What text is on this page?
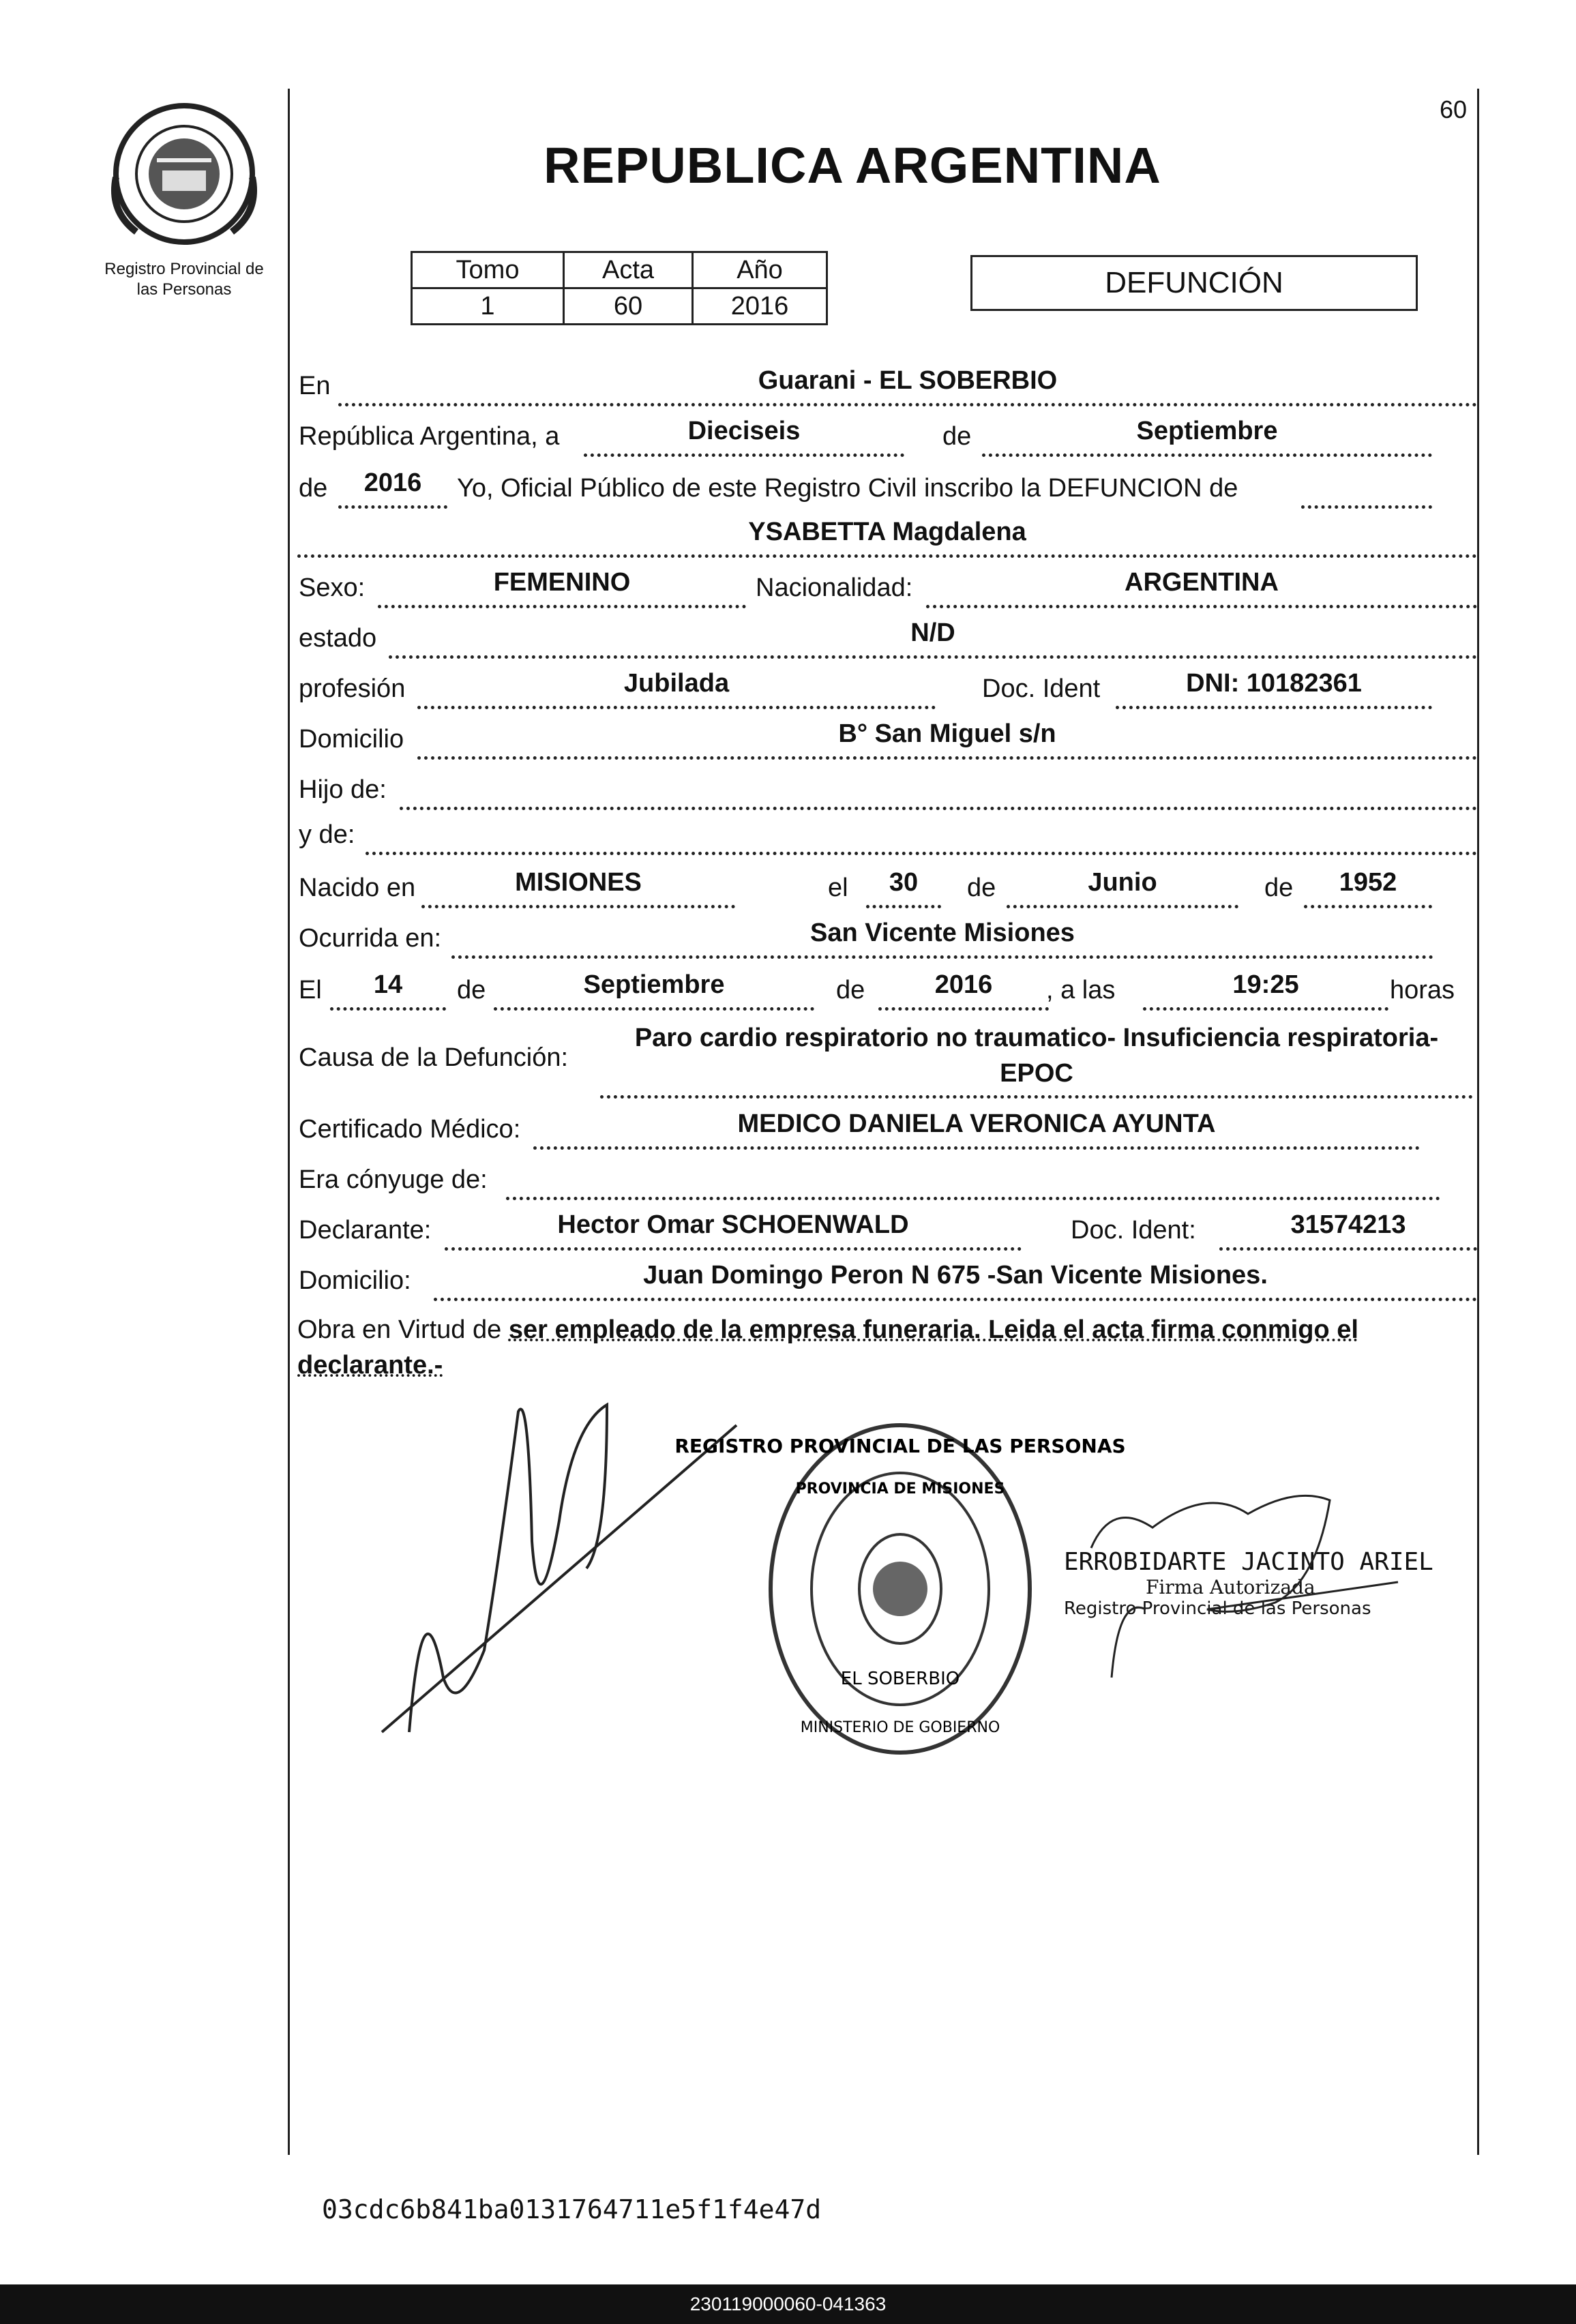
Registro Provincial de
las Personas
60
REPUBLICA ARGENTINA
Tomo	Acta	Año
1	60	2016
DEFUNCIÓN
En	Guarani - EL SOBERBIO
República Argentina, a	Dieciseis	de	Septiembre
de	2016	Yo, Oficial Público de este Registro Civil inscribo la DEFUNCION de
YSABETTA Magdalena
Sexo:	FEMENINO	Nacionalidad:	ARGENTINA
estado	N/D
profesión	Jubilada	Doc. Ident	DNI: 10182361
Domicilio	B° San Miguel s/n
Hijo de:
y de:
Nacido en	MISIONES	el	30	de	Junio	de	1952
Ocurrida en:	San Vicente Misiones
El	14	de	Septiembre	de	2016	, a las	19:25	horas
Causa de la Defunción:
Paro cardio respiratorio no traumatico- Insuficiencia respiratoria-
EPOC
Certificado Médico:	MEDICO DANIELA VERONICA AYUNTA
Era cónyuge de:
Declarante:	Hector Omar SCHOENWALD	Doc. Ident:	31574213
Domicilio:	Juan Domingo Peron N 675 -San Vicente Misiones.
Obra en Virtud de ser empleado de la empresa funeraria. Leida el acta firma conmigo el declarante.-
REGISTRO PROVINCIAL DE LAS PERSONAS
PROVINCIA DE MISIONES
EL SOBERBIO
MINISTERIO DE GOBIERNO
ERROBIDARTE JACINTO ARIEL
Firma Autorizada
Registro Provincial de las Personas
03cdc6b841ba0131764711e5f1f4e47d
230119000060-041363
